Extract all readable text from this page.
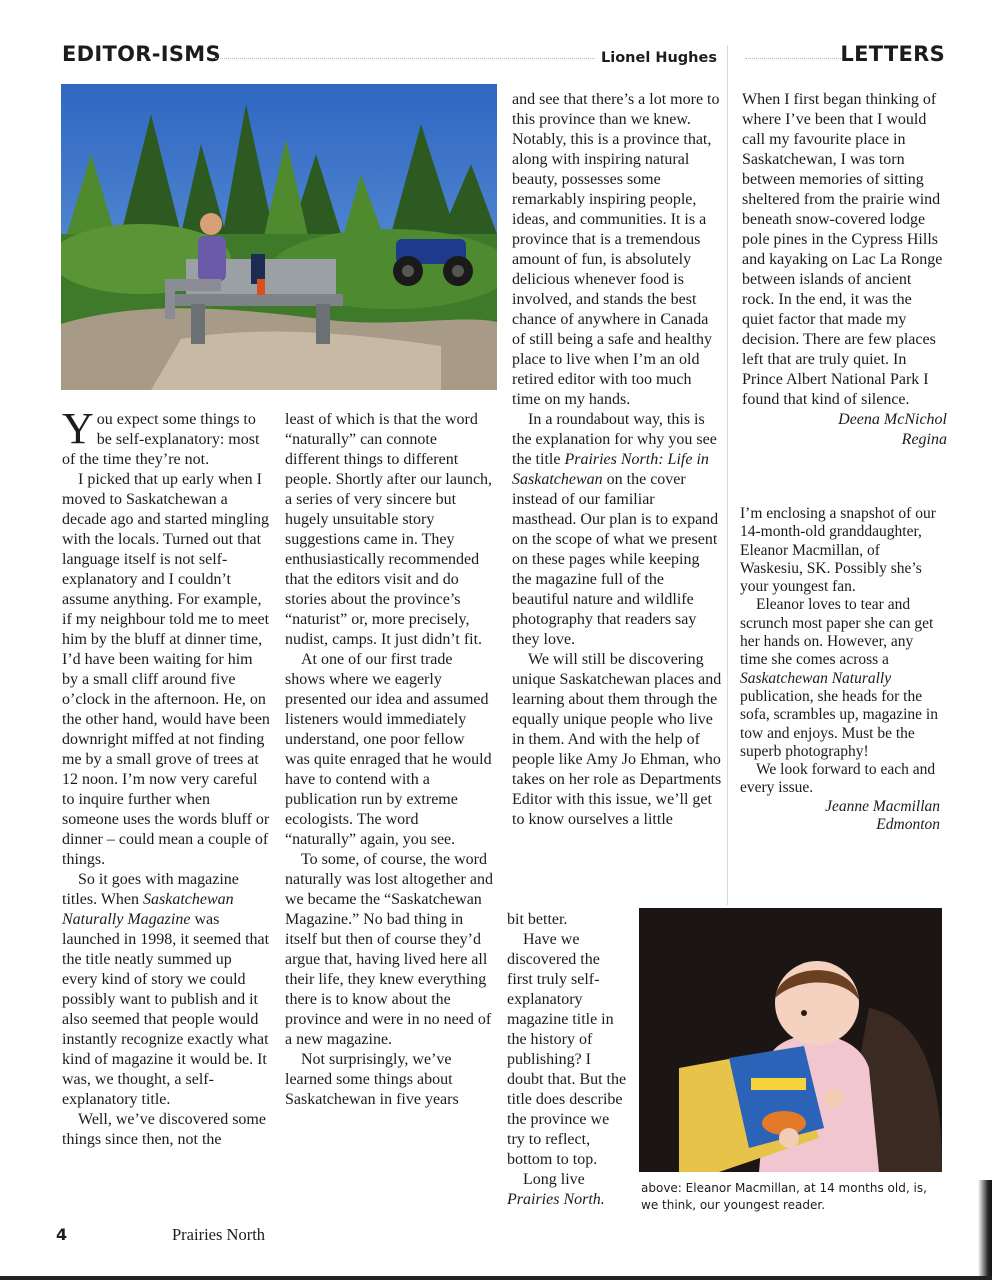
EDITOR-ISMS	Lionel Hughes	LETTERS

You expect some things to be self-explanatory: most of the time they’re not.

I picked that up early when I moved to Saskatchewan a decade ago and started mingling with the locals. Turned out that language itself is not self-explanatory and I couldn’t assume anything. For example, if my neighbour told me to meet him by the bluff at dinner time, I’d have been waiting for him by a small cliff around five o’clock in the afternoon. He, on the other hand, would have been downright miffed at not finding me by a small grove of trees at 12 noon. I’m now very careful to inquire further when someone uses the words bluff or dinner – could mean a couple of things.

So it goes with magazine titles. When Saskatchewan Naturally Magazine was launched in 1998, it seemed that the title neatly summed up every kind of story we could possibly want to publish and it also seemed that people would instantly recognize exactly what kind of magazine it would be. It was, we thought, a self-explanatory title.

Well, we’ve discovered some things since then, not the

least of which is that the word “naturally” can connote different things to different people. Shortly after our launch, a series of very sincere but hugely unsuitable story suggestions came in. They enthusiastically recommended that the editors visit and do stories about the province’s “naturist” or, more precisely, nudist, camps. It just didn’t fit.

At one of our first trade shows where we eagerly presented our idea and assumed listeners would immediately understand, one poor fellow was quite enraged that he would have to contend with a publication run by extreme ecologists. The word “naturally” again, you see.

To some, of course, the word naturally was lost altogether and we became the “Saskatchewan Magazine.” No bad thing in itself but then of course they’d argue that, having lived here all their life, they knew everything there is to know about the province and were in no need of a new magazine.

Not surprisingly, we’ve learned some things about Saskatchewan in five years

and see that there’s a lot more to this province than we knew. Notably, this is a province that, along with inspiring natural beauty, possesses some remarkably inspiring people, ideas, and communities. It is a province that is a tremendous amount of fun, is absolutely delicious whenever food is involved, and stands the best chance of anywhere in Canada of still being a safe and healthy place to live when I’m an old retired editor with too much time on my hands.

In a roundabout way, this is the explanation for why you see the title Prairies North: Life in Saskatchewan on the cover instead of our familiar masthead. Our plan is to expand on the scope of what we present on these pages while keeping the magazine full of the beautiful nature and wildlife photography that readers say they love.

We will still be discovering unique Saskatchewan places and learning about them through the equally unique people who live in them. And with the help of people like Amy Jo Ehman, who takes on her role as Departments Editor with this issue, we’ll get to know ourselves a little

bit better.

Have we discovered the first truly self-explanatory magazine title in the history of publishing? I doubt that. But the title does describe the province we try to reflect, bottom to top.

Long live
Prairies North.

When I first began thinking of where I’ve been that I would call my favourite place in Saskatchewan, I was torn between memories of sitting sheltered from the prairie wind beneath snow-covered lodge pole pines in the Cypress Hills and kayaking on Lac La Ronge between islands of ancient rock. In the end, it was the quiet factor that made my decision. There are few places left that are truly quiet. In Prince Albert National Park I found that kind of silence.

Deena McNichol

Regina

I’m enclosing a snapshot of our 14-month-old granddaughter, Eleanor Macmillan, of Waskesiu, SK. Possibly she’s your youngest fan.

Eleanor loves to tear and scrunch most paper she can get her hands on. However, any time she comes across a Saskatchewan Naturally publication, she heads for the sofa, scrambles up, magazine in tow and enjoys. Must be the superb photography!

We look forward to each and every issue.

Jeanne Macmillan

Edmonton

above: Eleanor Macmillan, at 14 months old, is, we think, our youngest reader.
4	Prairies North
